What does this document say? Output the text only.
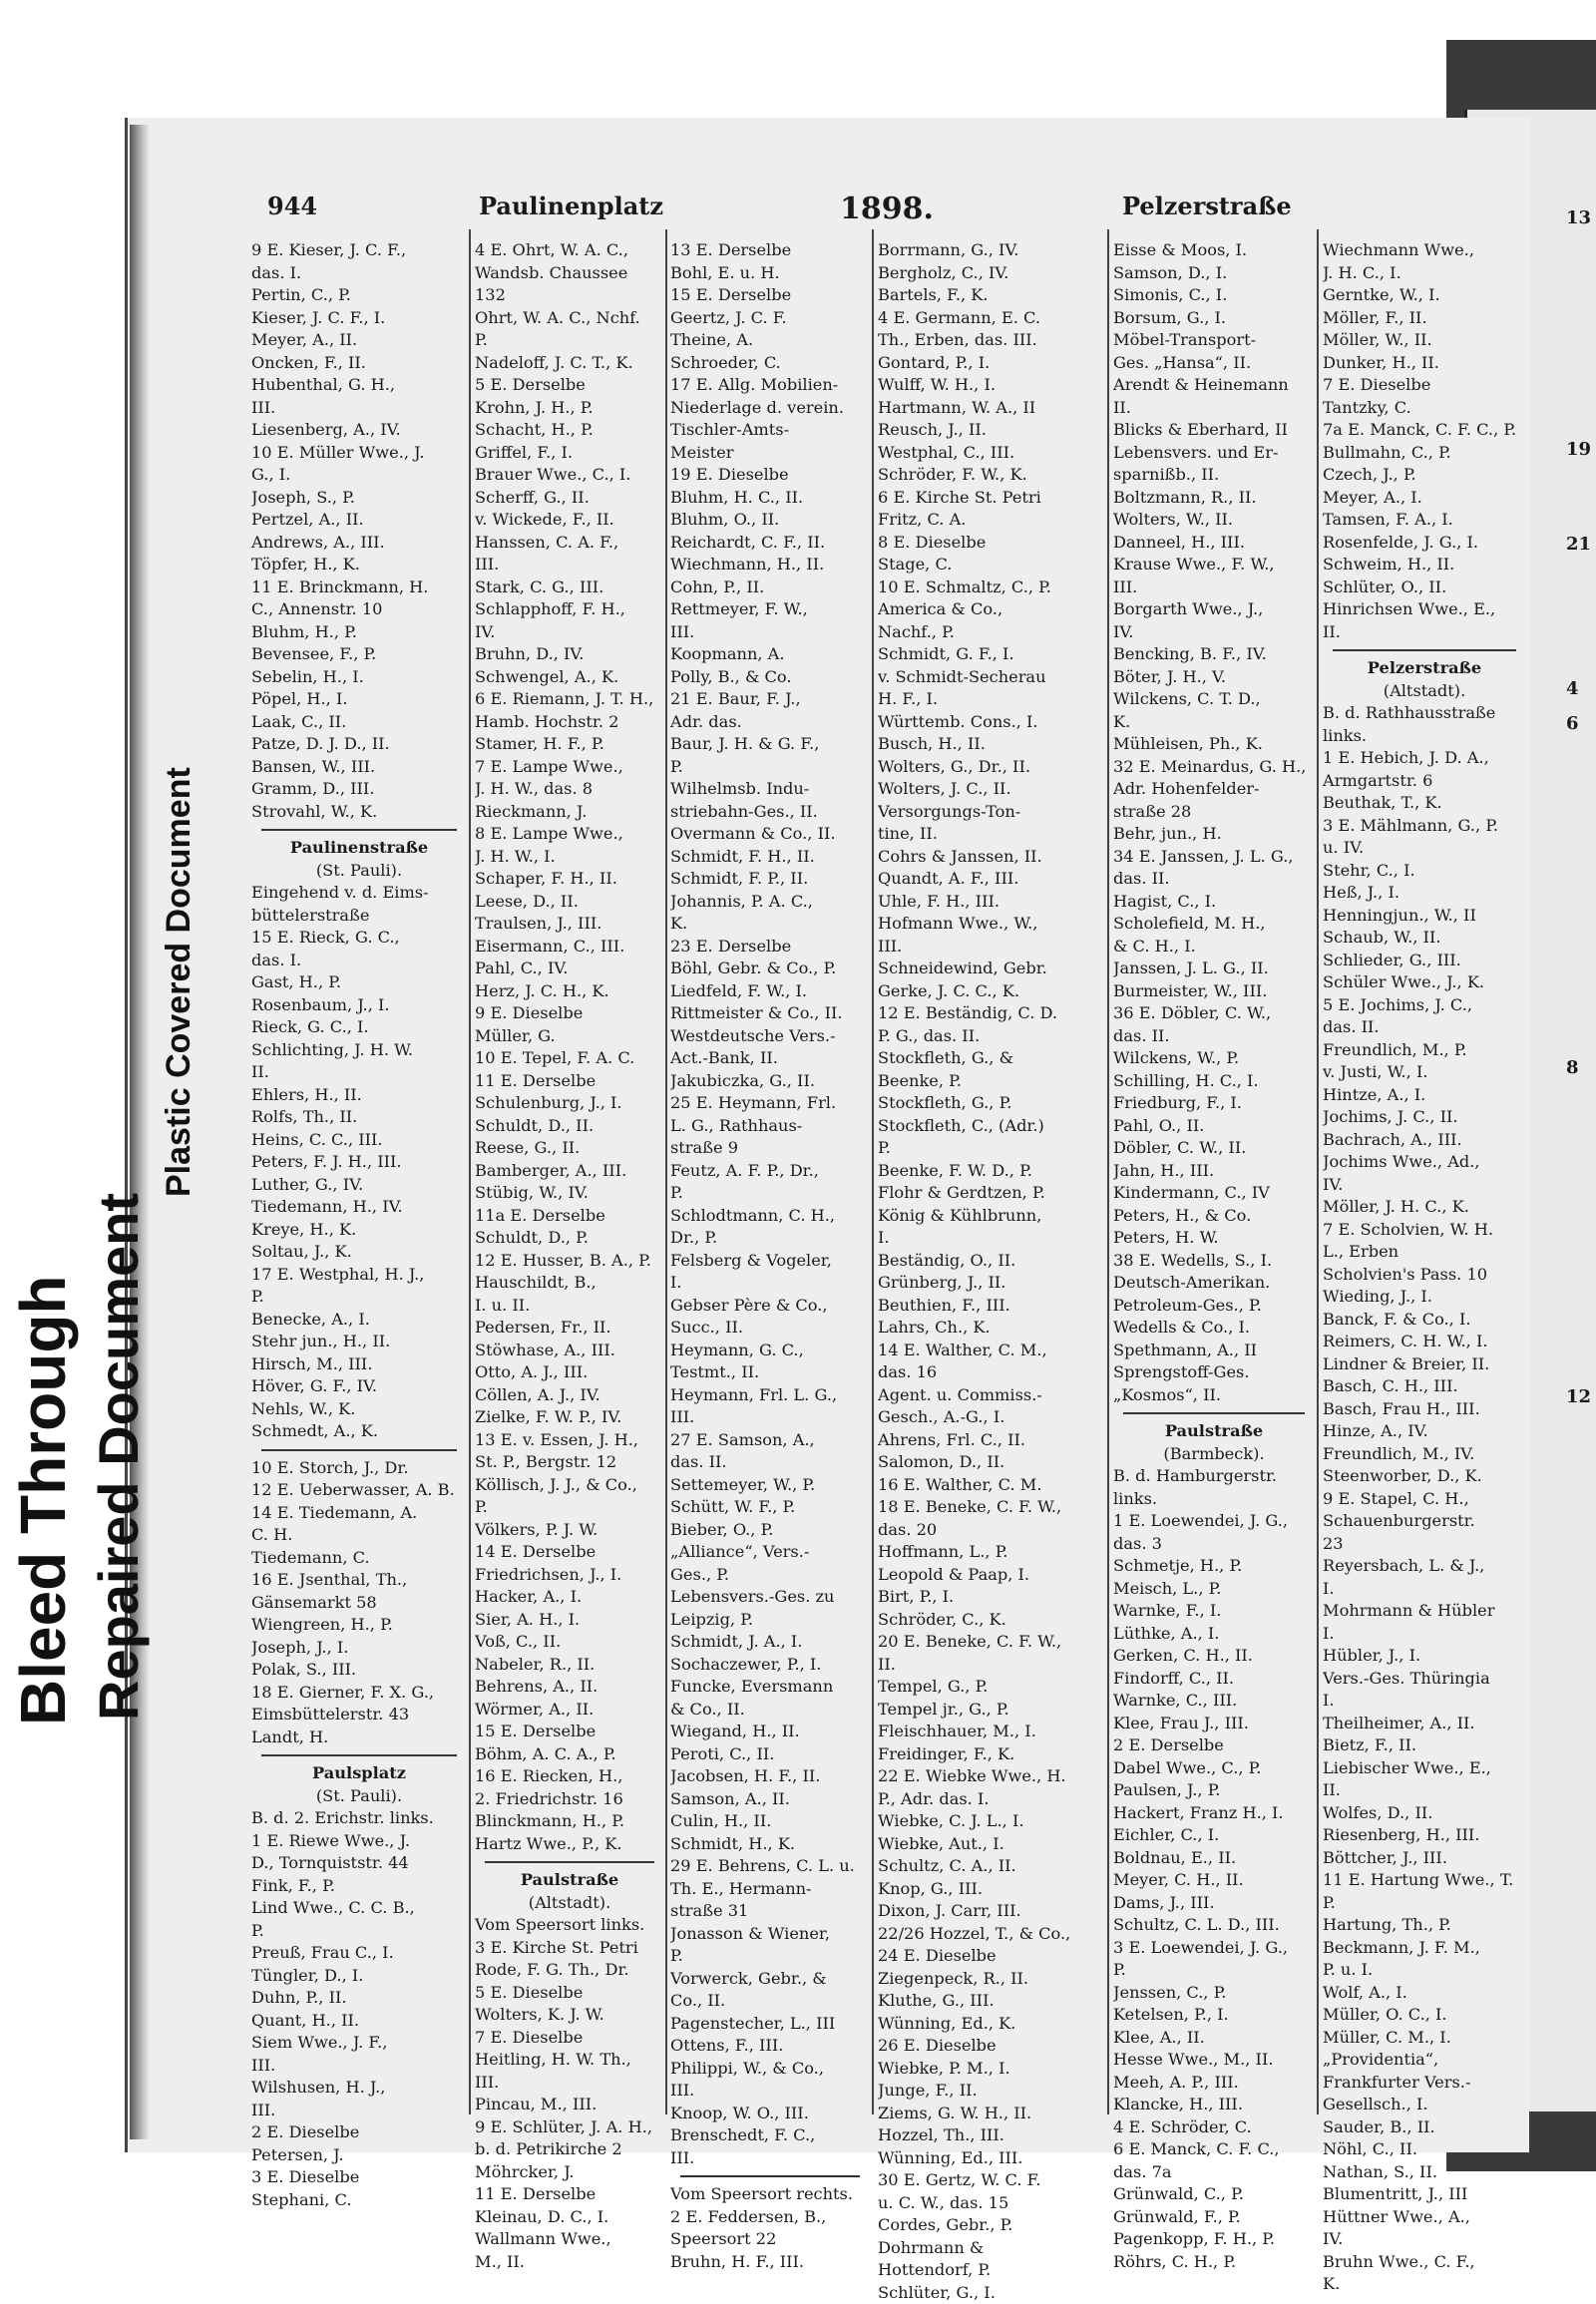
Bleed Through Repaired Document
Plastic Covered Document
944	Paulinenplatz	1898.	Pelzerstraße
9 E. Kieser, J. C. F.,
das. I.
Pertin, C., P.
Kieser, J. C. F., I.
Meyer, A., II.
Oncken, F., II.
Hubenthal, G. H.,
III.
Liesenberg, A., IV.
10 E. Müller Wwe., J.
G., I.
Joseph, S., P.
Pertzel, A., II.
Andrews, A., III.
Töpfer, H., K.
11 E. Brinckmann, H.
C., Annenstr. 10
Bluhm, H., P.
Bevensee, F., P.
Sebelin, H., I.
Pöpel, H., I.
Laak, C., II.
Patze, D. J. D., II.
Bansen, W., III.
Gramm, D., III.
Strovahl, W., K.
Paulinenstraße
(St. Pauli).
Eingehend v. d. Eims-
büttelerstraße
15 E. Rieck, G. C.,
das. I.
Gast, H., P.
Rosenbaum, J., I.
Rieck, G. C., I.
Schlichting, J. H. W.
II.
Ehlers, H., II.
Rolfs, Th., II.
Heins, C. C., III.
Peters, F. J. H., III.
Luther, G., IV.
Tiedemann, H., IV.
Kreye, H., K.
Soltau, J., K.
17 E. Westphal, H. J.,
P.
Benecke, A., I.
Stehr jun., H., II.
Hirsch, M., III.
Höver, G. F., IV.
Nehls, W., K.
Schmedt, A., K.
10 E. Storch, J., Dr.
12 E. Ueberwasser, A. B.
14 E. Tiedemann, A.
C. H.
Tiedemann, C.
16 E. Jsenthal, Th.,
Gänsemarkt 58
Wiengreen, H., P.
Joseph, J., I.
Polak, S., III.
18 E. Gierner, F. X. G.,
Eimsbüttelerstr. 43
Landt, H.
Paulsplatz
(St. Pauli).
B. d. 2. Erichstr. links.
1 E. Riewe Wwe., J.
D., Tornquiststr. 44
Fink, F., P.
Lind Wwe., C. C. B.,
P.
Preuß, Frau C., I.
Tüngler, D., I.
Duhn, P., II.
Quant, H., II.
Siem Wwe., J. F.,
III.
Wilshusen, H. J.,
III.
2 E. Dieselbe
Petersen, J.
3 E. Dieselbe
Stephani, C.
4 E. Ohrt, W. A. C.,
Wandsb. Chaussee
132
Ohrt, W. A. C., Nchf.
P.
Nadeloff, J. C. T., K.
5 E. Derselbe
Krohn, J. H., P.
Schacht, H., P.
Griffel, F., I.
Brauer Wwe., C., I.
Scherff, G., II.
v. Wickede, F., II.
Hanssen, C. A. F.,
III.
Stark, C. G., III.
Schlapphoff, F. H.,
IV.
Bruhn, D., IV.
Schwengel, A., K.
6 E. Riemann, J. T. H.,
Hamb. Hochstr. 2
Stamer, H. F., P.
7 E. Lampe Wwe.,
J. H. W., das. 8
Rieckmann, J.
8 E. Lampe Wwe.,
J. H. W., I.
Schaper, F. H., II.
Leese, D., II.
Traulsen, J., III.
Eisermann, C., III.
Pahl, C., IV.
Herz, J. C. H., K.
9 E. Dieselbe
Müller, G.
10 E. Tepel, F. A. C.
11 E. Derselbe
Schulenburg, J., I.
Schuldt, D., II.
Reese, G., II.
Bamberger, A., III.
Stübig, W., IV.
11a E. Derselbe
Schuldt, D., P.
12 E. Husser, B. A., P.
Hauschildt, B.,
I. u. II.
Pedersen, Fr., II.
Stöwhase, A., III.
Otto, A. J., III.
Cöllen, A. J., IV.
Zielke, F. W. P., IV.
13 E. v. Essen, J. H.,
St. P., Bergstr. 12
Köllisch, J. J., & Co.,
P.
Völkers, P. J. W.
14 E. Derselbe
Friedrichsen, J., I.
Hacker, A., I.
Sier, A. H., I.
Voß, C., II.
Nabeler, R., II.
Behrens, A., II.
Wörmer, A., II.
15 E. Derselbe
Böhm, A. C. A., P.
16 E. Riecken, H.,
2. Friedrichstr. 16
Blinckmann, H., P.
Hartz Wwe., P., K.
Paulstraße
(Altstadt).
Vom Speersort links.
3 E. Kirche St. Petri
Rode, F. G. Th., Dr.
5 E. Dieselbe
Wolters, K. J. W.
7 E. Dieselbe
Heitling, H. W. Th.,
III.
Pincau, M., III.
9 E. Schlüter, J. A. H.,
b. d. Petrikirche 2
Möhrcker, J.
11 E. Derselbe
Kleinau, D. C., I.
Wallmann Wwe.,
M., II.
13 E. Derselbe
Bohl, E. u. H.
15 E. Derselbe
Geertz, J. C. F.
Theine, A.
Schroeder, C.
17 E. Allg. Mobilien-
Niederlage d. verein.
Tischler-Amts-
Meister
19 E. Dieselbe
Bluhm, H. C., II.
Bluhm, O., II.
Reichardt, C. F., II.
Wiechmann, H., II.
Cohn, P., II.
Rettmeyer, F. W.,
III.
Koopmann, A.
Polly, B., & Co.
21 E. Baur, F. J.,
Adr. das.
Baur, J. H. & G. F.,
P.
Wilhelmsb. Indu-
striebahn-Ges., II.
Overmann & Co., II.
Schmidt, F. H., II.
Schmidt, F. P., II.
Johannis, P. A. C.,
K.
23 E. Derselbe
Böhl, Gebr. & Co., P.
Liedfeld, F. W., I.
Rittmeister & Co., II.
Westdeutsche Vers.-
Act.-Bank, II.
Jakubiczka, G., II.
25 E. Heymann, Frl.
L. G., Rathhaus-
straße 9
Feutz, A. F. P., Dr.,
P.
Schlodtmann, C. H.,
Dr., P.
Felsberg & Vogeler,
I.
Gebser Père & Co.,
Succ., II.
Heymann, G. C.,
Testmt., II.
Heymann, Frl. L. G.,
III.
27 E. Samson, A.,
das. II.
Settemeyer, W., P.
Schütt, W. F., P.
Bieber, O., P.
„Alliance“, Vers.-
Ges., P.
Lebensvers.-Ges. zu
Leipzig, P.
Schmidt, J. A., I.
Sochaczewer, P., I.
Funcke, Eversmann
& Co., II.
Wiegand, H., II.
Peroti, C., II.
Jacobsen, H. F., II.
Samson, A., II.
Culin, H., II.
Schmidt, H., K.
29 E. Behrens, C. L. u.
Th. E., Hermann-
straße 31
Jonasson & Wiener,
P.
Vorwerck, Gebr., &
Co., II.
Pagenstecher, L., III
Ottens, F., III.
Philippi, W., & Co.,
III.
Knoop, W. O., III.
Brenschedt, F. C.,
III.
Vom Speersort rechts.
2 E. Feddersen, B.,
Speersort 22
Bruhn, H. F., III.
Borrmann, G., IV.
Bergholz, C., IV.
Bartels, F., K.
4 E. Germann, E. C.
Th., Erben, das. III.
Gontard, P., I.
Wulff, W. H., I.
Hartmann, W. A., II
Reusch, J., II.
Westphal, C., III.
Schröder, F. W., K.
6 E. Kirche St. Petri
Fritz, C. A.
8 E. Dieselbe
Stage, C.
10 E. Schmaltz, C., P.
America & Co.,
Nachf., P.
Schmidt, G. F., I.
v. Schmidt-Secherau
H. F., I.
Württemb. Cons., I.
Busch, H., II.
Wolters, G., Dr., II.
Wolters, J. C., II.
Versorgungs-Ton-
tine, II.
Cohrs & Janssen, II.
Quandt, A. F., III.
Uhle, F. H., III.
Hofmann Wwe., W.,
III.
Schneidewind, Gebr.
Gerke, J. C. C., K.
12 E. Beständig, C. D.
P. G., das. II.
Stockfleth, G., &
Beenke, P.
Stockfleth, G., P.
Stockfleth, C., (Adr.)
P.
Beenke, F. W. D., P.
Flohr & Gerdtzen, P.
König & Kühlbrunn,
I.
Beständig, O., II.
Grünberg, J., II.
Beuthien, F., III.
Lahrs, Ch., K.
14 E. Walther, C. M.,
das. 16
Agent. u. Commiss.-
Gesch., A.-G., I.
Ahrens, Frl. C., II.
Salomon, D., II.
16 E. Walther, C. M.
18 E. Beneke, C. F. W.,
das. 20
Hoffmann, L., P.
Leopold & Paap, I.
Birt, P., I.
Schröder, C., K.
20 E. Beneke, C. F. W.,
II.
Tempel, G., P.
Tempel jr., G., P.
Fleischhauer, M., I.
Freidinger, F., K.
22 E. Wiebke Wwe., H.
P., Adr. das. I.
Wiebke, C. J. L., I.
Wiebke, Aut., I.
Schultz, C. A., II.
Knop, G., III.
Dixon, J. Carr, III.
22/26 Hozzel, T., & Co.,
24 E. Dieselbe
Ziegenpeck, R., II.
Kluthe, G., III.
Wünning, Ed., K.
26 E. Dieselbe
Wiebke, P. M., I.
Junge, F., II.
Ziems, G. W. H., II.
Hozzel, Th., III.
Wünning, Ed., III.
30 E. Gertz, W. C. F.
u. C. W., das. 15
Cordes, Gebr., P.
Dohrmann &
Hottendorf, P.
Schlüter, G., I.
Eisse & Moos, I.
Samson, D., I.
Simonis, C., I.
Borsum, G., I.
Möbel-Transport-
Ges. „Hansa“, II.
Arendt & Heinemann
II.
Blicks & Eberhard, II
Lebensvers. und Er-
sparnißb., II.
Boltzmann, R., II.
Wolters, W., II.
Danneel, H., III.
Krause Wwe., F. W.,
III.
Borgarth Wwe., J.,
IV.
Bencking, B. F., IV.
Böter, J. H., V.
Wilckens, C. T. D.,
K.
Mühleisen, Ph., K.
32 E. Meinardus, G. H.,
Adr. Hohenfelder-
straße 28
Behr, jun., H.
34 E. Janssen, J. L. G.,
das. II.
Hagist, C., I.
Scholefield, M. H.,
& C. H., I.
Janssen, J. L. G., II.
Burmeister, W., III.
36 E. Döbler, C. W.,
das. II.
Wilckens, W., P.
Schilling, H. C., I.
Friedburg, F., I.
Pahl, O., II.
Döbler, C. W., II.
Jahn, H., III.
Kindermann, C., IV
Peters, H., & Co.
Peters, H. W.
38 E. Wedells, S., I.
Deutsch-Amerikan.
Petroleum-Ges., P.
Wedells & Co., I.
Spethmann, A., II
Sprengstoff-Ges.
„Kosmos“, II.
Paulstraße
(Barmbeck).
B. d. Hamburgerstr.
links.
1 E. Loewendei, J. G.,
das. 3
Schmetje, H., P.
Meisch, L., P.
Warnke, F., I.
Lüthke, A., I.
Gerken, C. H., II.
Findorff, C., II.
Warnke, C., III.
Klee, Frau J., III.
2 E. Derselbe
Dabel Wwe., C., P.
Paulsen, J., P.
Hackert, Franz H., I.
Eichler, C., I.
Boldnau, E., II.
Meyer, C. H., II.
Dams, J., III.
Schultz, C. L. D., III.
3 E. Loewendei, J. G.,
P.
Jenssen, C., P.
Ketelsen, P., I.
Klee, A., II.
Hesse Wwe., M., II.
Meeh, A. P., III.
Klancke, H., III.
4 E. Schröder, C.
6 E. Manck, C. F. C.,
das. 7a
Grünwald, C., P.
Grünwald, F., P.
Pagenkopp, F. H., P.
Röhrs, C. H., P.
Wiechmann Wwe.,
J. H. C., I.
Gerntke, W., I.
Möller, F., II.
Möller, W., II.
Dunker, H., II.
7 E. Dieselbe
Tantzky, C.
7a E. Manck, C. F. C., P.
Bullmahn, C., P.
Czech, J., P.
Meyer, A., I.
Tamsen, F. A., I.
Rosenfelde, J. G., I.
Schweim, H., II.
Schlüter, O., II.
Hinrichsen Wwe., E.,
II.
Pelzerstraße
(Altstadt).
B. d. Rathhausstraße
links.
1 E. Hebich, J. D. A.,
Armgartstr. 6
Beuthak, T., K.
3 E. Mählmann, G., P.
u. IV.
Stehr, C., I.
Heß, J., I.
Henningjun., W., II
Schaub, W., II.
Schlieder, G., III.
Schüler Wwe., J., K.
5 E. Jochims, J. C.,
das. II.
Freundlich, M., P.
v. Justi, W., I.
Hintze, A., I.
Jochims, J. C., II.
Bachrach, A., III.
Jochims Wwe., Ad.,
IV.
Möller, J. H. C., K.
7 E. Scholvien, W. H.
L., Erben
Scholvien's Pass. 10
Wieding, J., I.
Banck, F. & Co., I.
Reimers, C. H. W., I.
Lindner & Breier, II.
Basch, C. H., III.
Basch, Frau H., III.
Hinze, A., IV.
Freundlich, M., IV.
Steenworber, D., K.
9 E. Stapel, C. H.,
Schauenburgerstr.
23
Reyersbach, L. & J.,
I.
Mohrmann & Hübler
I.
Hübler, J., I.
Vers.-Ges. Thüringia
I.
Theilheimer, A., II.
Bietz, F., II.
Liebischer Wwe., E.,
II.
Wolfes, D., II.
Riesenberg, H., III.
Böttcher, J., III.
11 E. Hartung Wwe., T.
P.
Hartung, Th., P.
Beckmann, J. F. M.,
P. u. I.
Wolf, A., I.
Müller, O. C., I.
Müller, C. M., I.
„Providentia“,
Frankfurter Vers.-
Gesellsch., I.
Sauder, B., II.
Nöhl, C., II.
Nathan, S., II.
Blumentritt, J., III
Hüttner Wwe., A.,
IV.
Bruhn Wwe., C. F.,
K.
13
19
21
4
6
8
12
